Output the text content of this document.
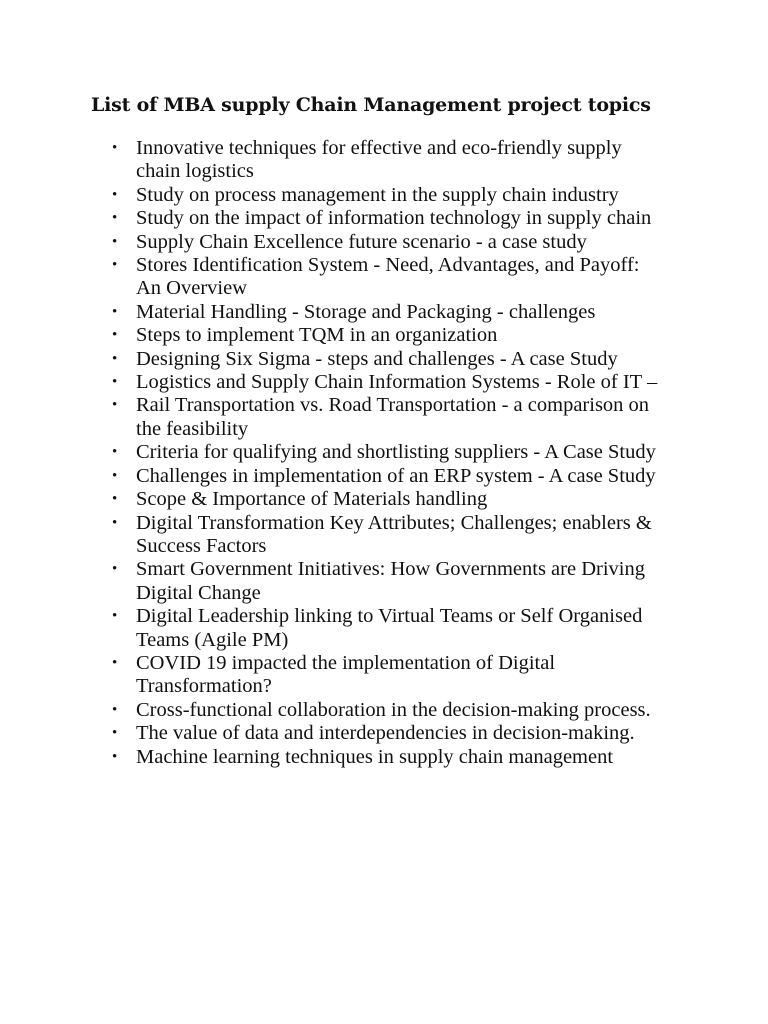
List of MBA supply Chain Management project topics
• Innovative techniques for effective and eco-friendly supply chain logistics
• Study on process management in the supply chain industry
• Study on the impact of information technology in supply chain
• Supply Chain Excellence future scenario - a case study
• Stores Identification System - Need, Advantages, and Payoff: An Overview
• Material Handling - Storage and Packaging - challenges
• Steps to implement TQM in an organization
• Designing Six Sigma - steps and challenges - A case Study
• Logistics and Supply Chain Information Systems - Role of IT –
• Rail Transportation vs. Road Transportation - a comparison on the feasibility
• Criteria for qualifying and shortlisting suppliers - A Case Study
• Challenges in implementation of an ERP system - A case Study
• Scope & Importance of Materials handling
• Digital Transformation Key Attributes; Challenges; enablers & Success Factors
• Smart Government Initiatives: How Governments are Driving Digital Change
• Digital Leadership linking to Virtual Teams or Self Organised Teams (Agile PM)
• COVID 19 impacted the implementation of Digital Transformation?
• Cross-functional collaboration in the decision-making process.
• The value of data and interdependencies in decision-making.
• Machine learning techniques in supply chain management
